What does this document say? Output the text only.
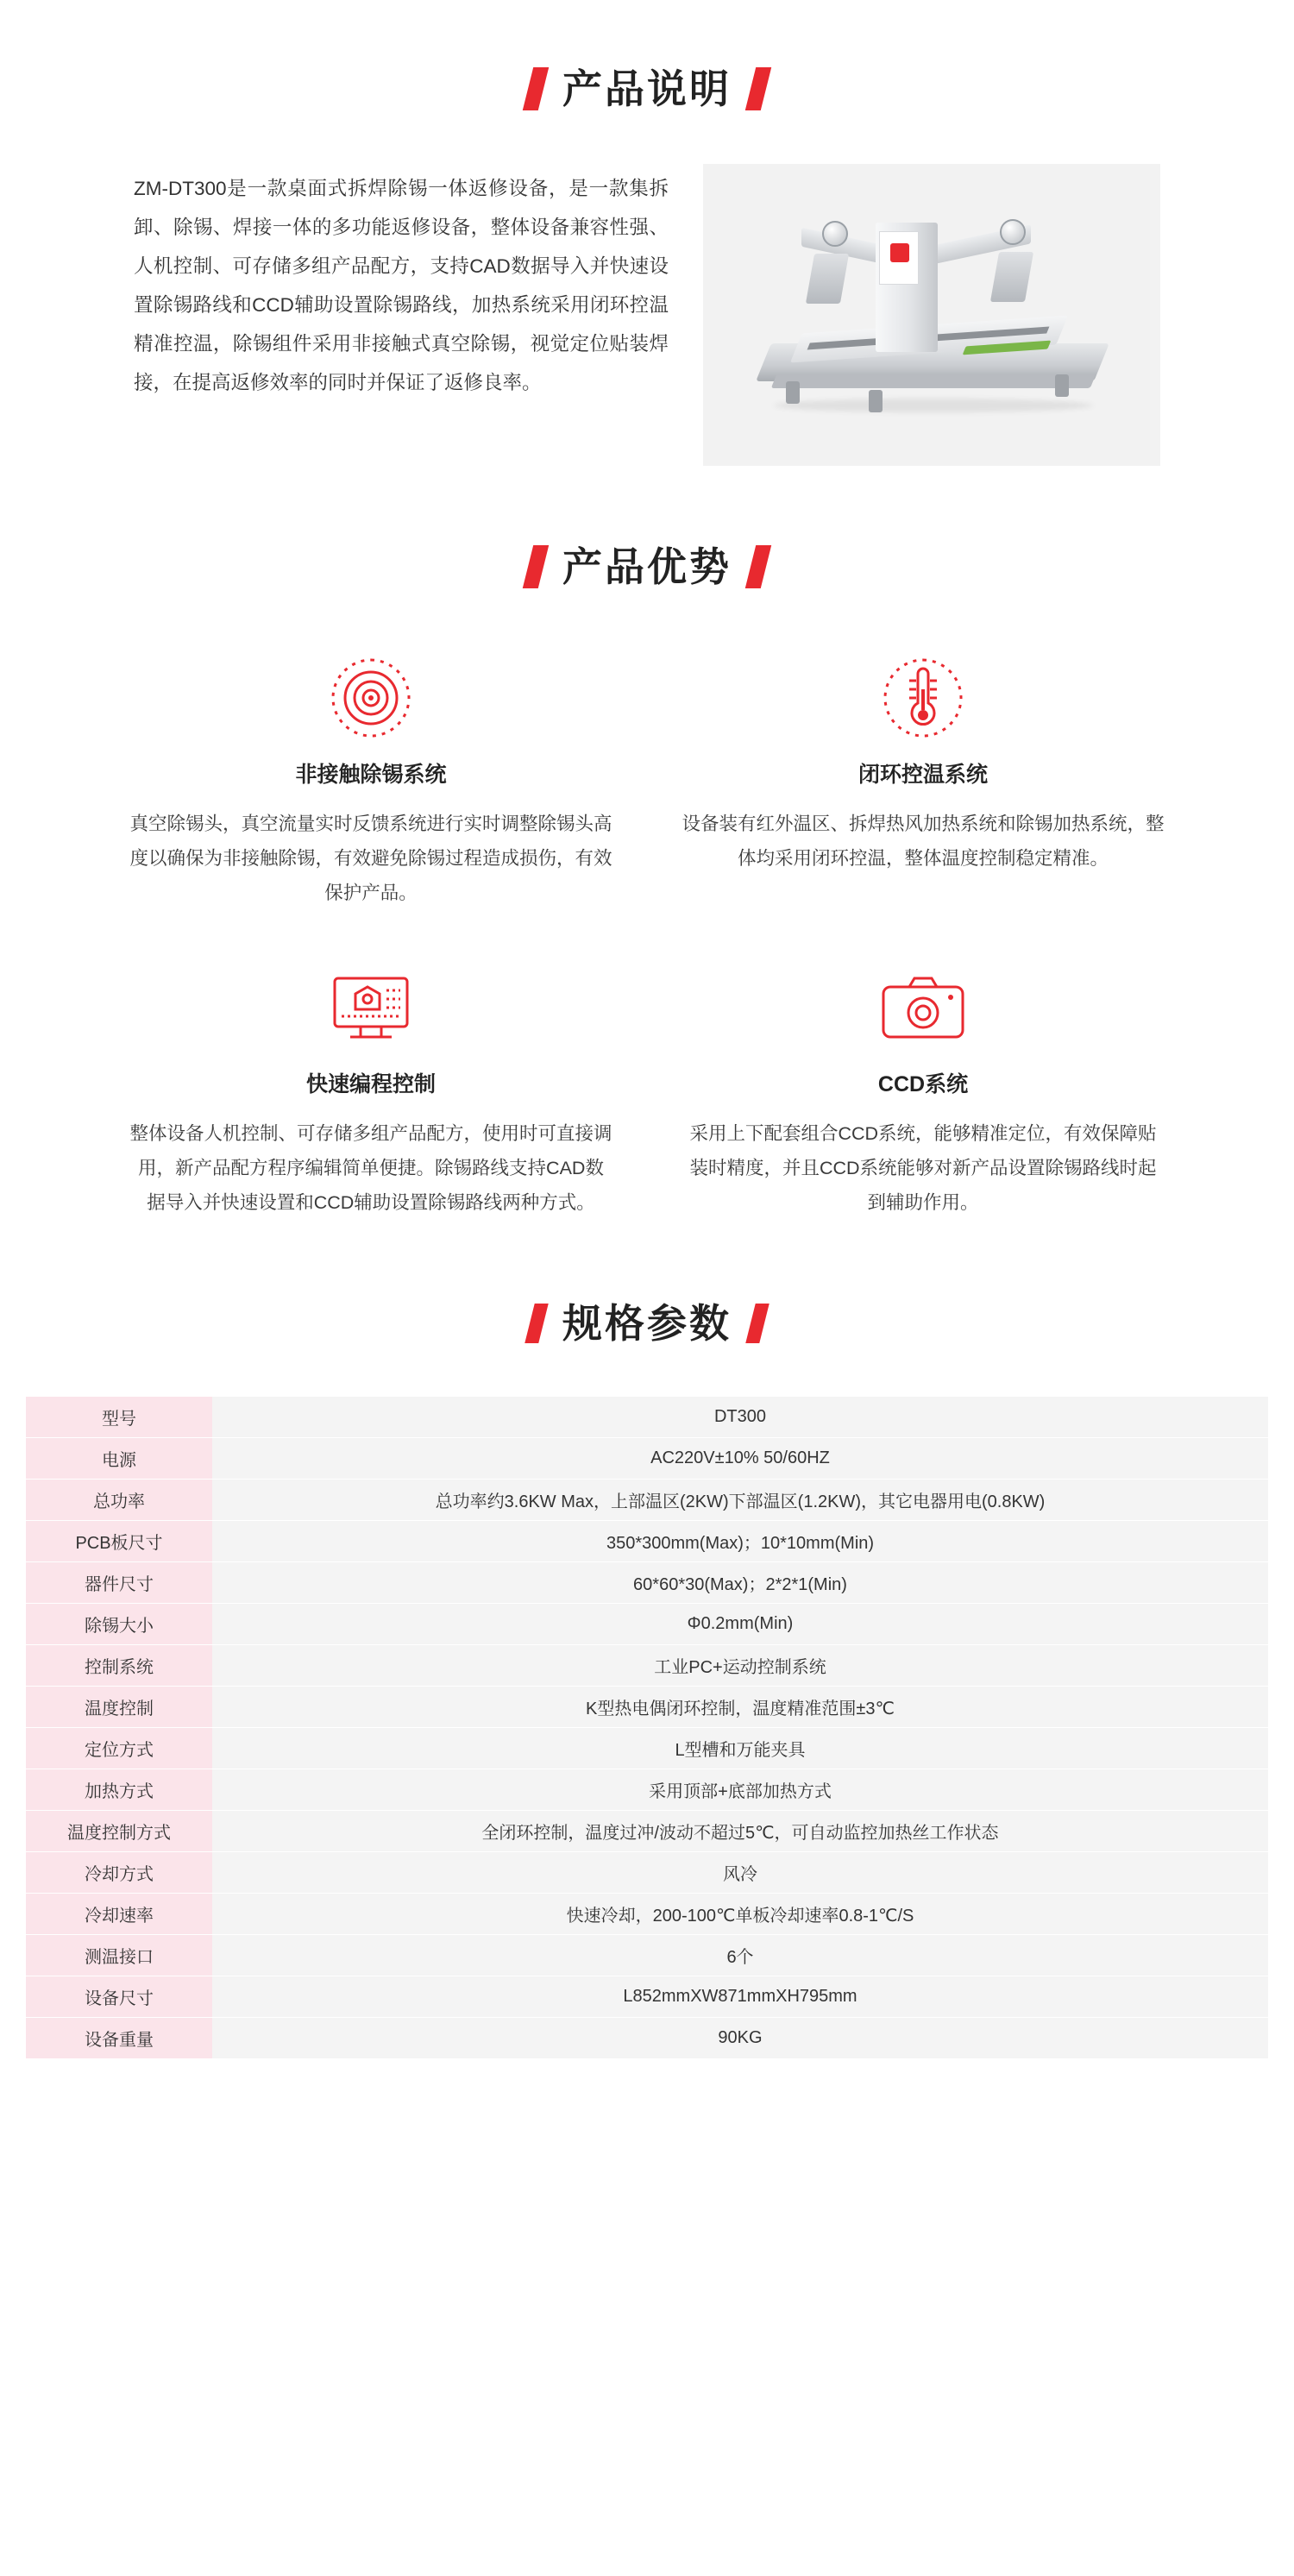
产品说明
ZM-DT300是一款桌面式拆焊除锡一体返修设备，是一款集拆卸、除锡、焊接一体的多功能返修设备，整体设备兼容性强、人机控制、可存储多组产品配方，支持CAD数据导入并快速设置除锡路线和CCD辅助设置除锡路线，加热系统采用闭环控温精准控温，除锡组件采用非接触式真空除锡，视觉定位贴装焊接，在提高返修效率的同时并保证了返修良率。
产品优势
非接触除锡系统
真空除锡头，真空流量实时反馈系统进行实时调整除锡头高度以确保为非接触除锡，有效避免除锡过程造成损伤，有效保护产品。
闭环控温系统
设备装有红外温区、拆焊热风加热系统和除锡加热系统，整体均采用闭环控温，整体温度控制稳定精准。
快速编程控制
整体设备人机控制、可存储多组产品配方，使用时可直接调用，新产品配方程序编辑简单便捷。除锡路线支持CAD数据导入并快速设置和CCD辅助设置除锡路线两种方式。
CCD系统
采用上下配套组合CCD系统，能够精准定位，有效保障贴装时精度，并且CCD系统能够对新产品设置除锡路线时起到辅助作用。
规格参数
型号	DT300
电源	AC220V±10% 50/60HZ
总功率	总功率约3.6KW Max，上部温区(2KW)下部温区(1.2KW)，其它电器用电(0.8KW)
PCB板尺寸	350*300mm(Max)；10*10mm(Min)
器件尺寸	60*60*30(Max)；2*2*1(Min)
除锡大小	Φ0.2mm(Min)
控制系统	工业PC+运动控制系统
温度控制	K型热电偶闭环控制，温度精准范围±3℃
定位方式	L型槽和万能夹具
加热方式	采用顶部+底部加热方式
温度控制方式	全闭环控制，温度过冲/波动不超过5℃，可自动监控加热丝工作状态
冷却方式	风冷
冷却速率	快速冷却，200-100℃单板冷却速率0.8-1℃/S
测温接口	6个
设备尺寸	L852mmXW871mmXH795mm
设备重量	90KG
